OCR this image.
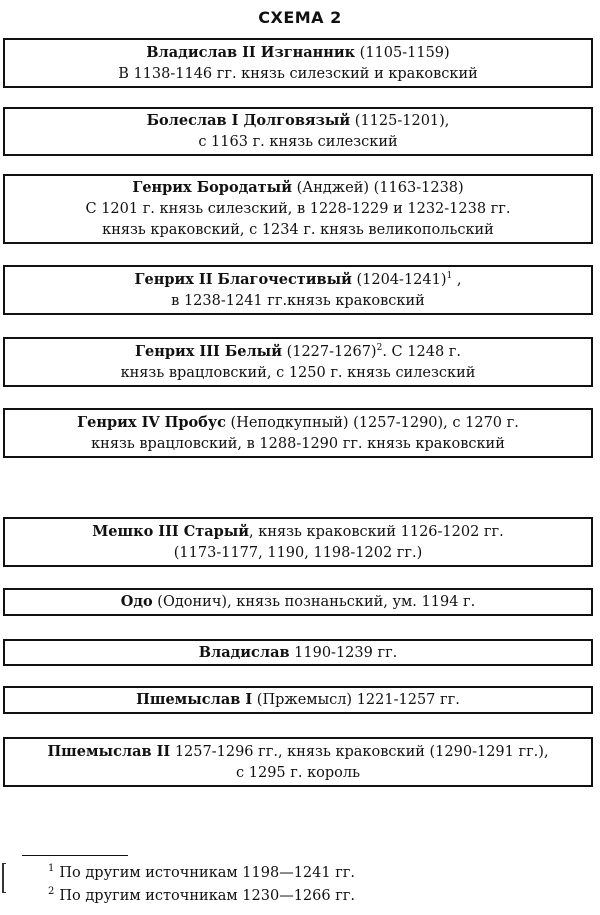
СХЕМА 2
Владислав II Изгнанник (1105-1159)
В 1138-1146 гг. князь силезский и краковский
Болеслав I Долговязый (1125-1201),
с 1163 г. князь силезский
Генрих Бородатый (Анджей) (1163-1238)
С 1201 г. князь силезский, в 1228-1229 и 1232-1238 гг.
князь краковский, с 1234 г. князь великопольский
Генрих II Благочестивый (1204-1241)$^1$ ,
в 1238-1241 гг.князь краковский
Генрих III Белый (1227-1267)$^2$. С 1248 г.
князь врацловский, с 1250 г. князь силезский
Генрих IV Пробус (Неподкупный) (1257-1290), с 1270 г.
князь врацловский, в 1288-1290 гг. князь краковский
Мешко III Старый, князь краковский 1126-1202 гг.
(1173-1177, 1190, 1198-1202 гг.)
Одо (Одонич), князь познаньский, ум. 1194 г.
Владислав 1190-1239 гг.
Пшемыслав I (Пржемысл) 1221-1257 гг.
Пшемыслав II 1257-1296 гг., князь краковский (1290-1291 гг.),
с 1295 г. король
$^1$ По другим источникам 1198—1241 гг.
$^2$ По другим источникам 1230—1266 гг.
